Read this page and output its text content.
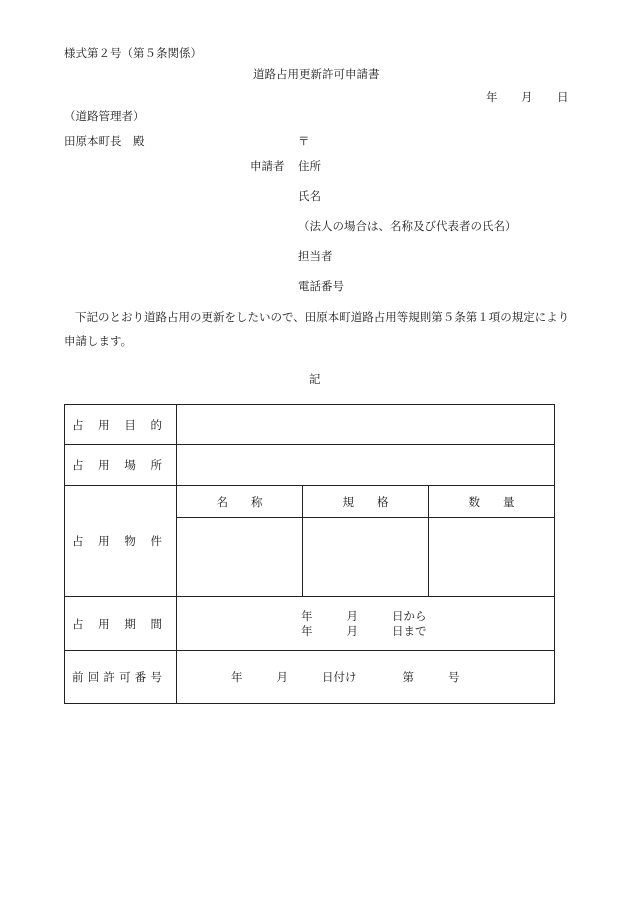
様式第２号（第５条関係）
道路占用更新許可申請書
年 月 日
（道路管理者）
田原本町長　殿	〒
申請者 住所
氏名
（法人の場合は、名称及び代表者の氏名）
担当者
電話番号
下記のとおり道路占用の更新をしたいので、田原本町道路占用等規則第５条第１項の規定により申請します。
記
占用目的			
占用場所			
占用物件	名　　称	規　　格	数　　量

占用期間	年 月 日から
年 月 日まで		

前回許可番号	年 月 日付け 第 号		
